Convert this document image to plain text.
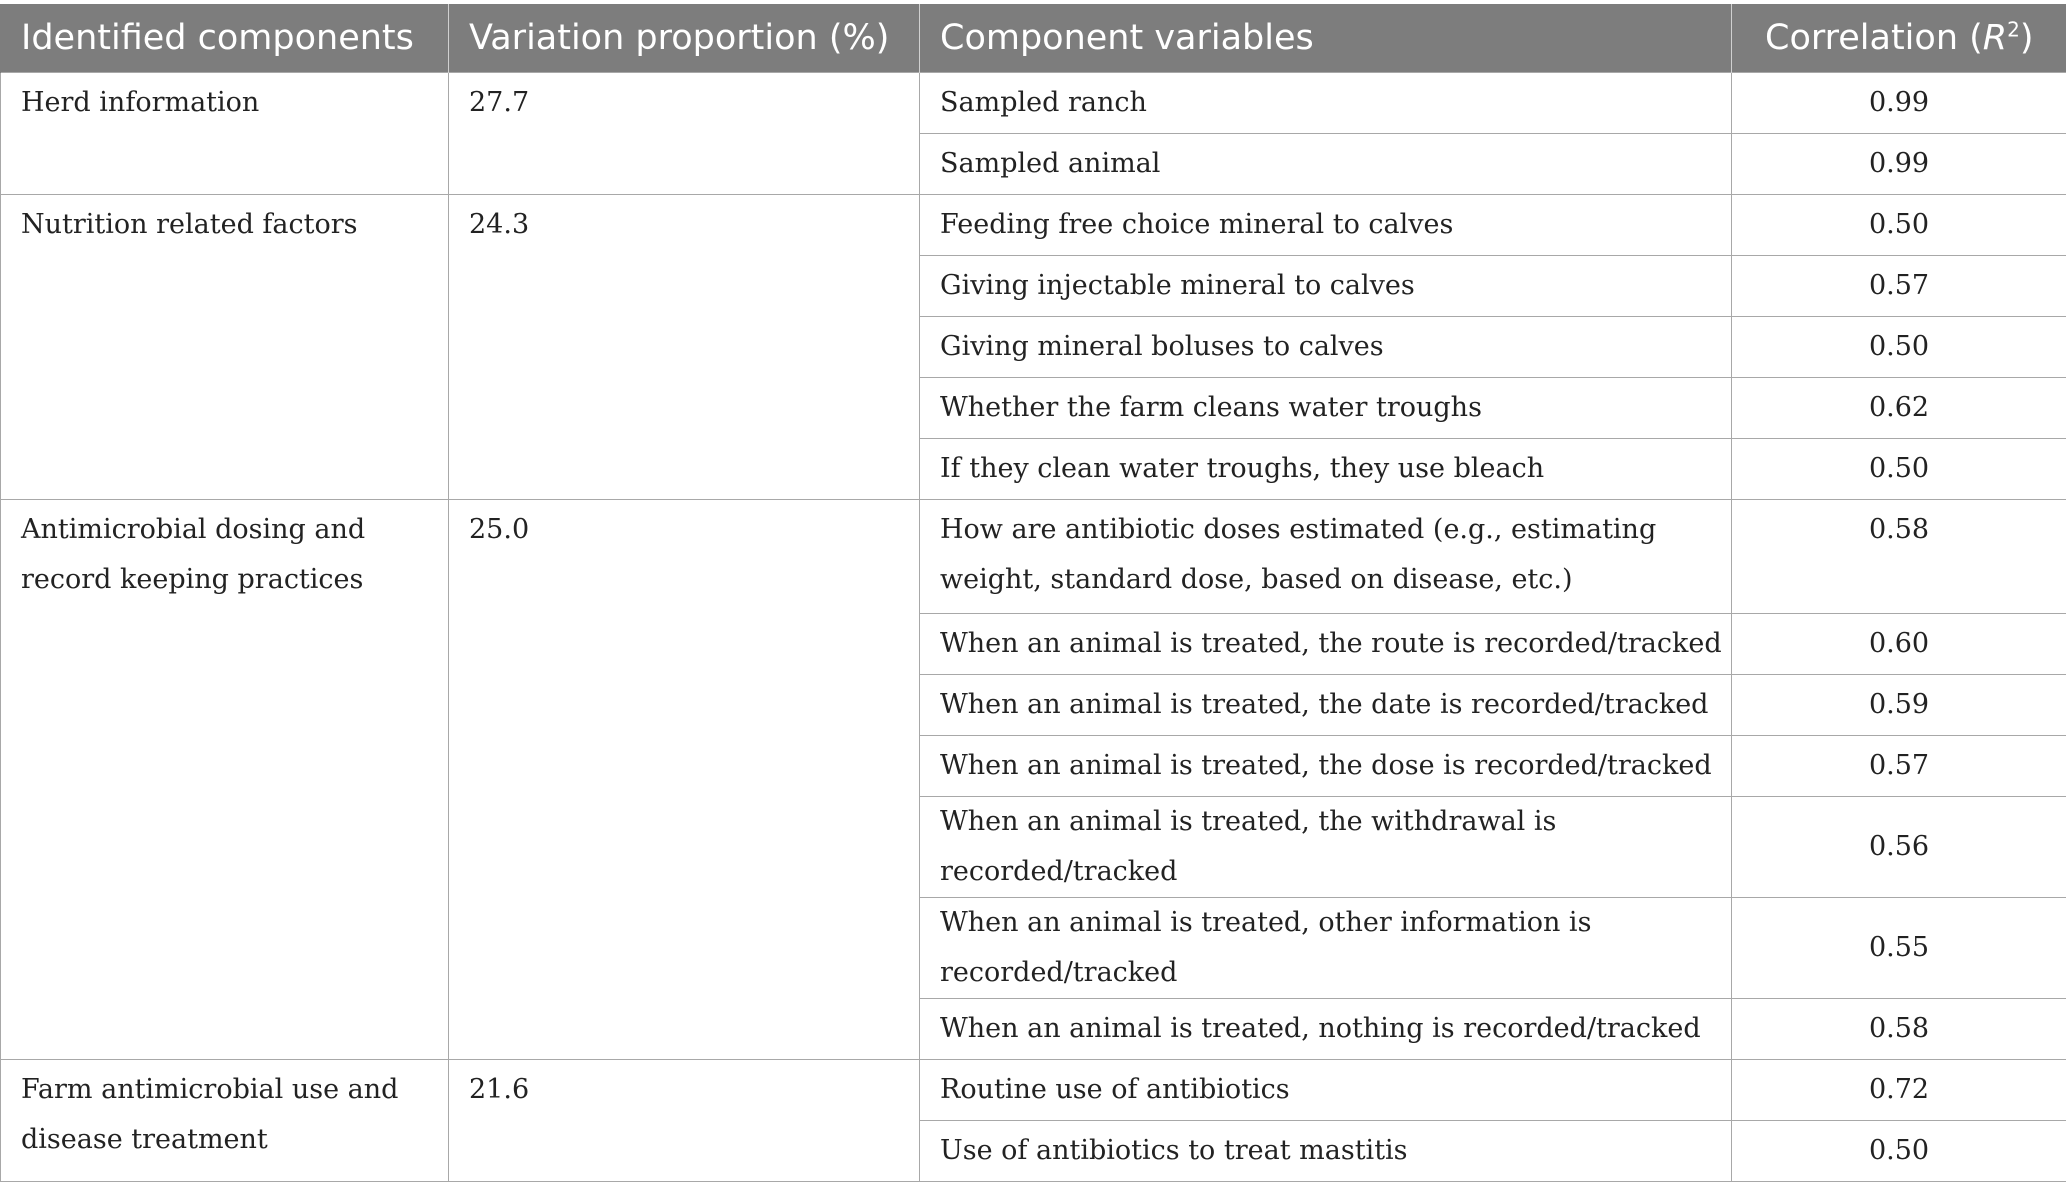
Identified components	Variation proportion (%)	Component variables	Correlation $(R^2)$
Herd information	27.7	Sampled ranch	0.99
		Sampled animal	0.99
Nutrition related factors	24.3	Feeding free choice mineral to calves	0.50
		Giving injectable mineral to calves	0.57
		Giving mineral boluses to calves	0.50
		Whether the farm cleans water troughs	0.62
		If they clean water troughs, they use bleach	0.50
Antimicrobial dosing and record keeping practices	25.0	How are antibiotic doses estimated (e.g., estimating weight, standard dose, based on disease, etc.)	0.58
		When an animal is treated, the route is recorded/tracked	0.60
		When an animal is treated, the date is recorded/tracked	0.59
		When an animal is treated, the dose is recorded/tracked	0.57
		When an animal is treated, the withdrawal is recorded/tracked	0.56
		When an animal is treated, other information is recorded/tracked	0.55
		When an animal is treated, nothing is recorded/tracked	0.58
Farm antimicrobial use and disease treatment	21.6	Routine use of antibiotics	0.72
		Use of antibiotics to treat mastitis	0.50
